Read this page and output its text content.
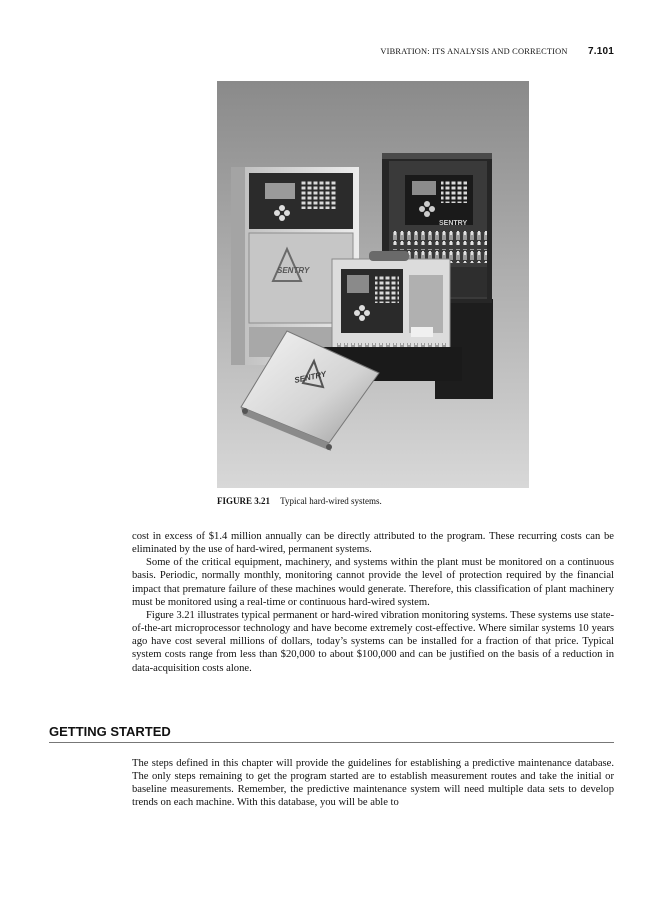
VIBRATION: ITS ANALYSIS AND CORRECTION 7.101
SENTRY
SENTRY
SENTRY
FIGURE 3.21 Typical hard-wired systems.

cost in excess of $1.4 million annually can be directly attributed to the program. These recurring costs can be eliminated by the use of hard-wired, permanent systems.

Some of the critical equipment, machinery, and systems within the plant must be monitored on a continuous basis. Periodic, normally monthly, monitoring cannot provide the level of protection required by the financial impact that premature failure of these machines would generate. Therefore, this classification of plant machinery must be monitored using a real-time or continuous hard-wired system.

Figure 3.21 illustrates typical permanent or hard-wired vibration monitoring systems. These systems use state-of-the-art microprocessor technology and have become extremely cost-effective. Where similar systems 10 years ago have cost several millions of dollars, today’s systems can be installed for a fraction of that price. Typical system costs range from less than $20,000 to about $100,000 and can be justified on the basis of a reduction in data-acquisition costs alone.

GETTING STARTED

The steps defined in this chapter will provide the guidelines for establishing a predictive maintenance database. The only steps remaining to get the program started are to establish measurement routes and take the initial or baseline measurements. Remember, the predictive maintenance system will need multiple data sets to develop trends on each machine. With this database, you will be able to
